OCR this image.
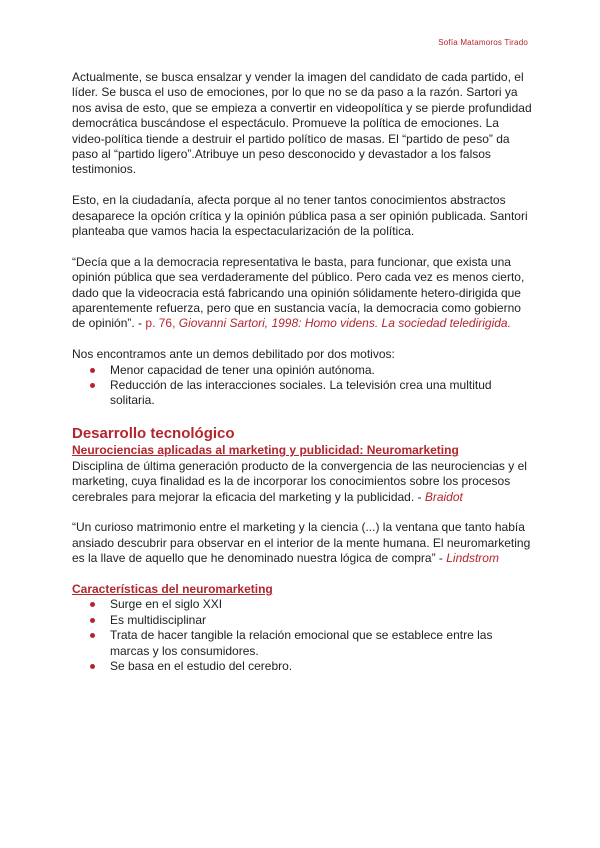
Sofía Matamoros Tirado

Actualmente, se busca ensalzar y vender la imagen del candidato de cada partido, el líder. Se busca el uso de emociones, por lo que no se da paso a la razón. Sartori ya nos avisa de esto, que se empieza a convertir en videopolítica y se pierde profundidad democrática buscándose el espectáculo. Promueve la política de emociones. La video-política tiende a destruir el partido político de masas. El “partido de peso” da paso al “partido ligero”.Atribuye un peso desconocido y devastador a los falsos testimonios.

Esto, en la ciudadanía, afecta porque al no tener tantos conocimientos abstractos desaparece la opción crítica y la opinión pública pasa a ser opinión publicada. Santori planteaba que vamos hacia la espectacularización de la política.

“Decía que a la democracia representativa le basta, para funcionar, que exista una opinión pública que sea verdaderamente del público. Pero cada vez es menos cierto, dado que la videocracia está fabricando una opinión sólidamente hetero-dirigida que aparentemente refuerza, pero que en sustancia vacía, la democracia como gobierno de opinión”. - p. 76, Giovanni Sartori, 1998: Homo videns. La sociedad teledirigida.

Nos encontramos ante un demos debilitado por dos motivos:

Menor capacidad de tener una opinión autónoma.
Reducción de las interacciones sociales. La televisión crea una multitud solitaria.
Desarrollo tecnológico
Neurociencias aplicadas al marketing y publicidad: Neuromarketing

Disciplina de última generación producto de la convergencia de las neurociencias y el marketing, cuya finalidad es la de incorporar los conocimientos sobre los procesos cerebrales para mejorar la eficacia del marketing y la publicidad. - Braidot

“Un curioso matrimonio entre el marketing y la ciencia (...) la ventana que tanto había ansiado descubrir para observar en el interior de la mente humana. El neuromarketing es la llave de aquello que he denominado nuestra lógica de compra” - Lindstrom

Características del neuromarketing
Surge en el siglo XXI
Es multidisciplinar
Trata de hacer tangible la relación emocional que se establece entre las marcas y los consumidores.
Se basa en el estudio del cerebro.
